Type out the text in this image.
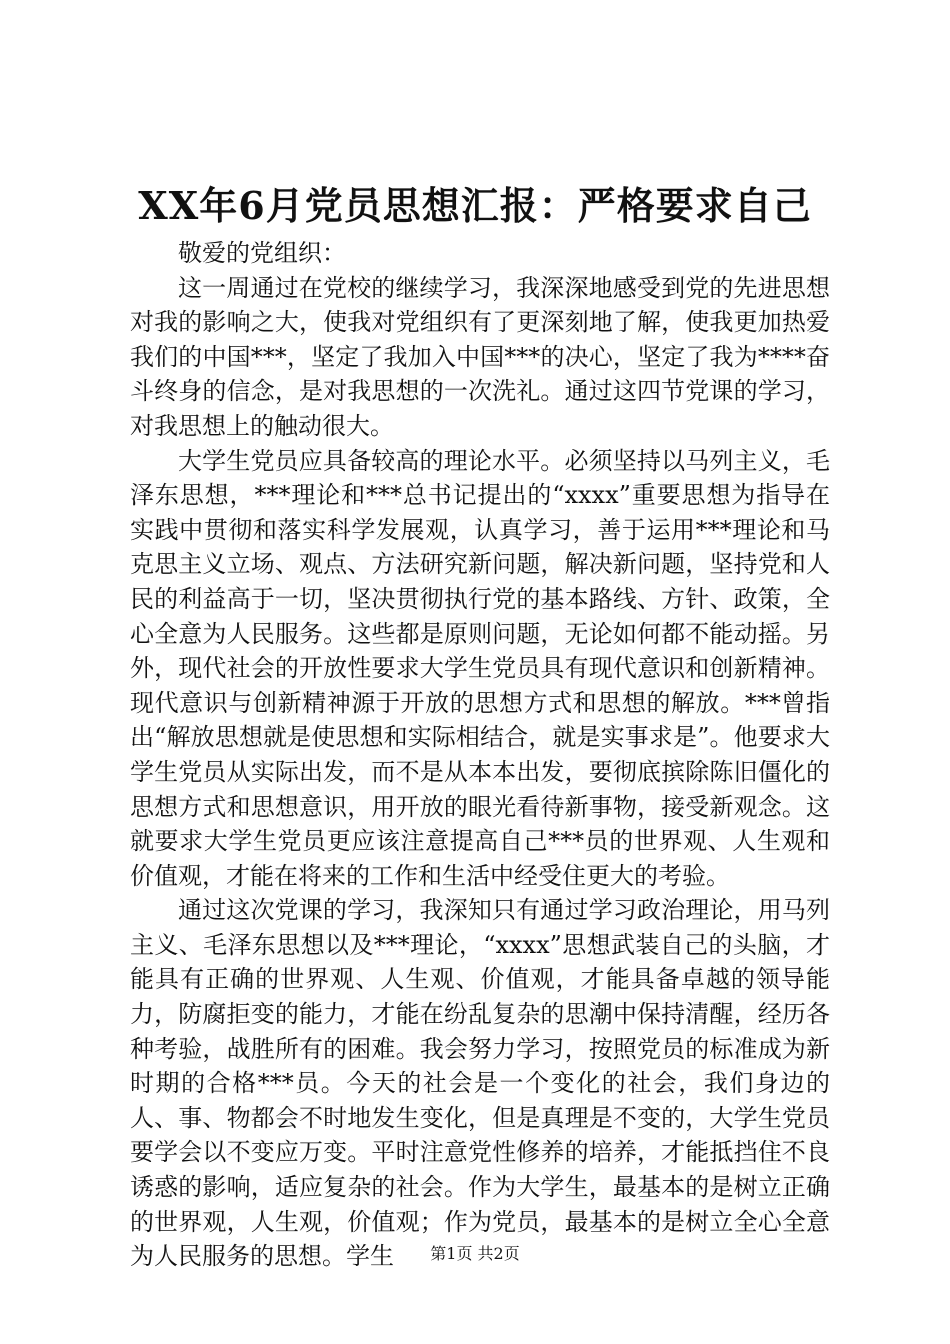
XX年6月党员思想汇报：严格要求自己

敬爱的党组织：

这一周通过在党校的继续学习，我深深地感受到党的先进思想对我的影响之大，使我对党组织有了更深刻地了解，使我更加热爱我们的中国***，坚定了我加入中国***的决心，坚定了我为****奋斗终身的信念，是对我思想的一次洗礼。通过这四节党课的学习，对我思想上的触动很大。

大学生党员应具备较高的理论水平。必须坚持以马列主义，毛泽东思想，***理论和***总书记提出的“xxxx”重要思想为指导在实践中贯彻和落实科学发展观，认真学习，善于运用***理论和马克思主义立场、观点、方法研究新问题，解决新问题，坚持党和人民的利益高于一切，坚决贯彻执行党的基本路线、方针、政策，全心全意为人民服务。这些都是原则问题，无论如何都不能动摇。另外，现代社会的开放性要求大学生党员具有现代意识和创新精神。现代意识与创新精神源于开放的思想方式和思想的解放。***曾指出“解放思想就是使思想和实际相结合，就是实事求是”。他要求大学生党员从实际出发，而不是从本本出发，要彻底摈除陈旧僵化的思想方式和思想意识，用开放的眼光看待新事物，接受新观念。这就要求大学生党员更应该注意提高自己***员的世界观、人生观和价值观，才能在将来的工作和生活中经受住更大的考验。

通过这次党课的学习，我深知只有通过学习政治理论，用马列主义、毛泽东思想以及***理论，“xxxx”思想武装自己的头脑，才能具有正确的世界观、人生观、价值观，才能具备卓越的领导能力，防腐拒变的能力，才能在纷乱复杂的思潮中保持清醒，经历各种考验，战胜所有的困难。我会努力学习，按照党员的标准成为新时期的合格***员。今天的社会是一个变化的社会，我们身边的人、事、物都会不时地发生变化，但是真理是不变的，大学生党员要学会以不变应万变。平时注意党性修养的培养，才能抵挡住不良诱惑的影响，适应复杂的社会。作为大学生，最基本的是树立正确的世界观，人生观，价值观；作为党员，最基本的是树立全心全意为人民服务的思想。学生	第1页 共2页
